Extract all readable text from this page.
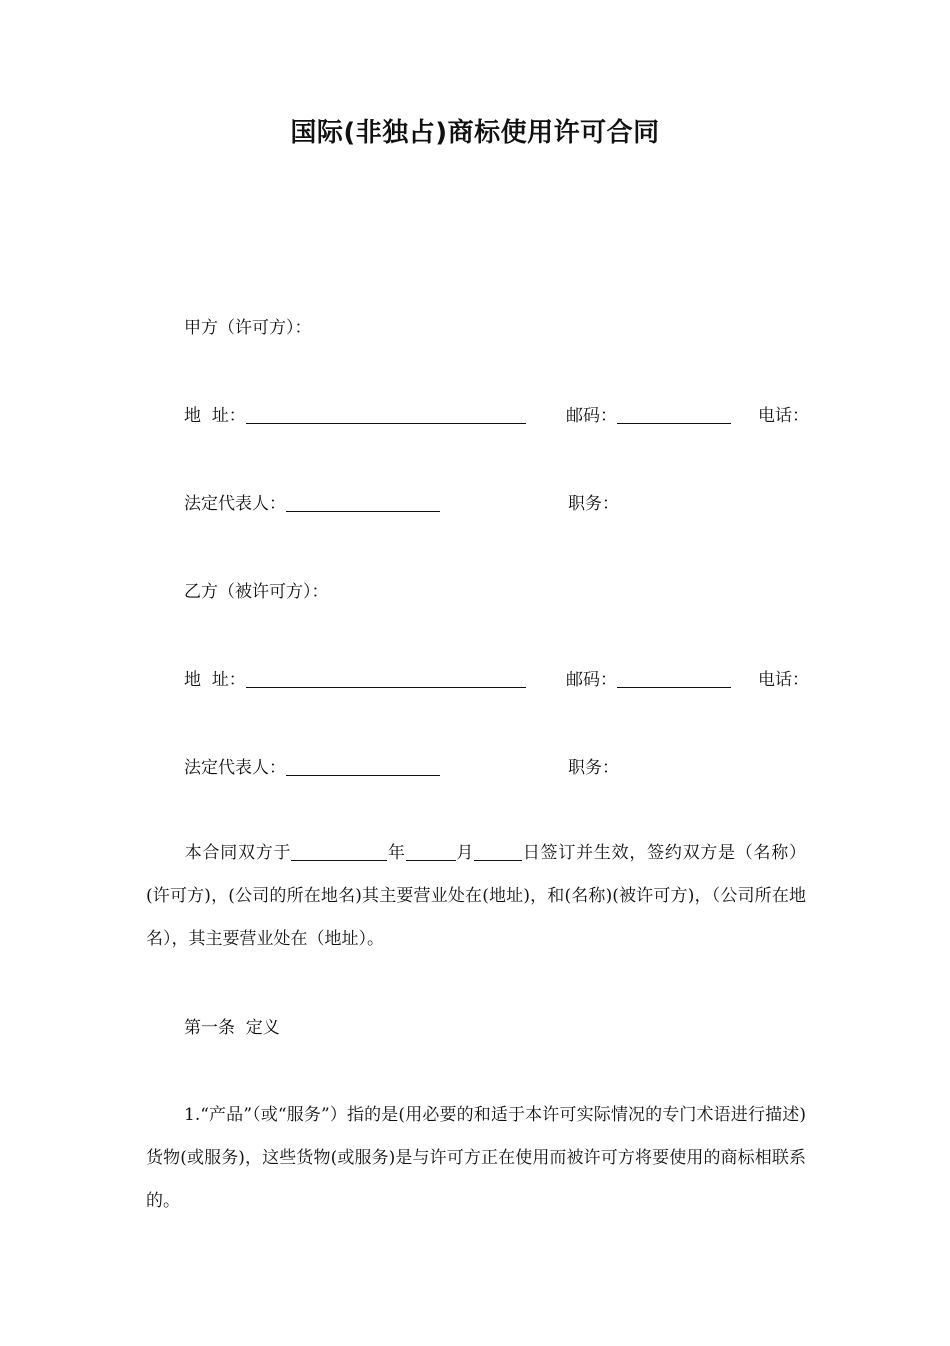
国际(非独占)商标使用许可合同
甲方（许可方）：
地  址：	邮码：	电话：
法定代表人：	职务：
乙方（被许可方）：
地  址：	邮码：	电话：
法定代表人：	职务：
本合同双方于	年	月	日签订并生效，签约双方是（名称）(许可方)，(公司的所在地名)其主要营业处在(地址)，和(名称)(被许可方)，（公司所在地名），其主要营业处在（地址）。
第一条  定义
1.“产品”（或“服务”）指的是(用必要的和适于本许可实际情况的专门术语进行描述)货物(或服务)，这些货物(或服务)是与许可方正在使用而被许可方将要使用的商标相联系的。
